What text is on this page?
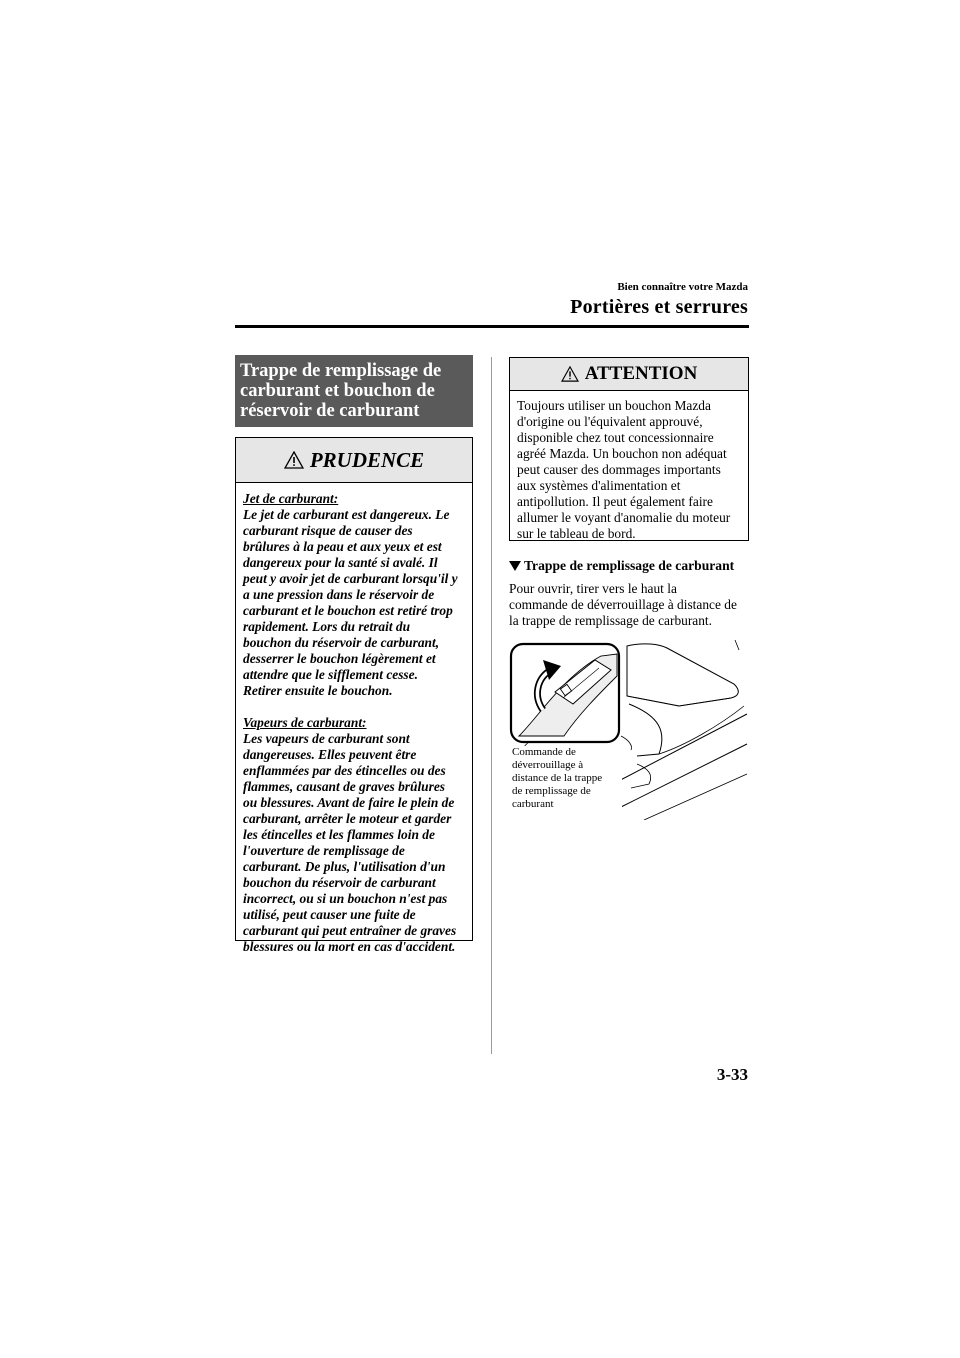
Bien connaître votre Mazda
Portières et serrures
Trappe de remplissage de
carburant et bouchon de
réservoir de carburant
PRUDENCE

Jet de carburant:

Le jet de carburant est dangereux. Le

carburant risque de causer des

brûlures à la peau et aux yeux et est

dangereux pour la santé si avalé. Il

peut y avoir jet de carburant lorsqu'il y

a une pression dans le réservoir de

carburant et le bouchon est retiré trop

rapidement. Lors du retrait du

bouchon du réservoir de carburant,

desserrer le bouchon légèrement et

attendre que le sifflement cesse.

Retirer ensuite le bouchon.

Vapeurs de carburant:

Les vapeurs de carburant sont

dangereuses. Elles peuvent être

enflammées par des étincelles ou des

flammes, causant de graves brûlures

ou blessures. Avant de faire le plein de

carburant, arrêter le moteur et garder

les étincelles et les flammes loin de

l'ouverture de remplissage de

carburant. De plus, l'utilisation d'un

bouchon du réservoir de carburant

incorrect, ou si un bouchon n'est pas

utilisé, peut causer une fuite de

carburant qui peut entraîner de graves

blessures ou la mort en cas d'accident.

ATTENTION
Toujours utiliser un bouchon Mazda
d'origine ou l'équivalent approuvé,
disponible chez tout concessionnaire
agréé Mazda. Un bouchon non adéquat
peut causer des dommages importants
aux systèmes d'alimentation et
antipollution. Il peut également faire
allumer le voyant d'anomalie du moteur
sur le tableau de bord.
Trappe de remplissage de carburant
Pour ouvrir, tirer vers le haut la
commande de déverrouillage à distance de
la trappe de remplissage de carburant.
Commande de
déverrouillage à
distance de la trappe
de remplissage de
carburant
3-33
